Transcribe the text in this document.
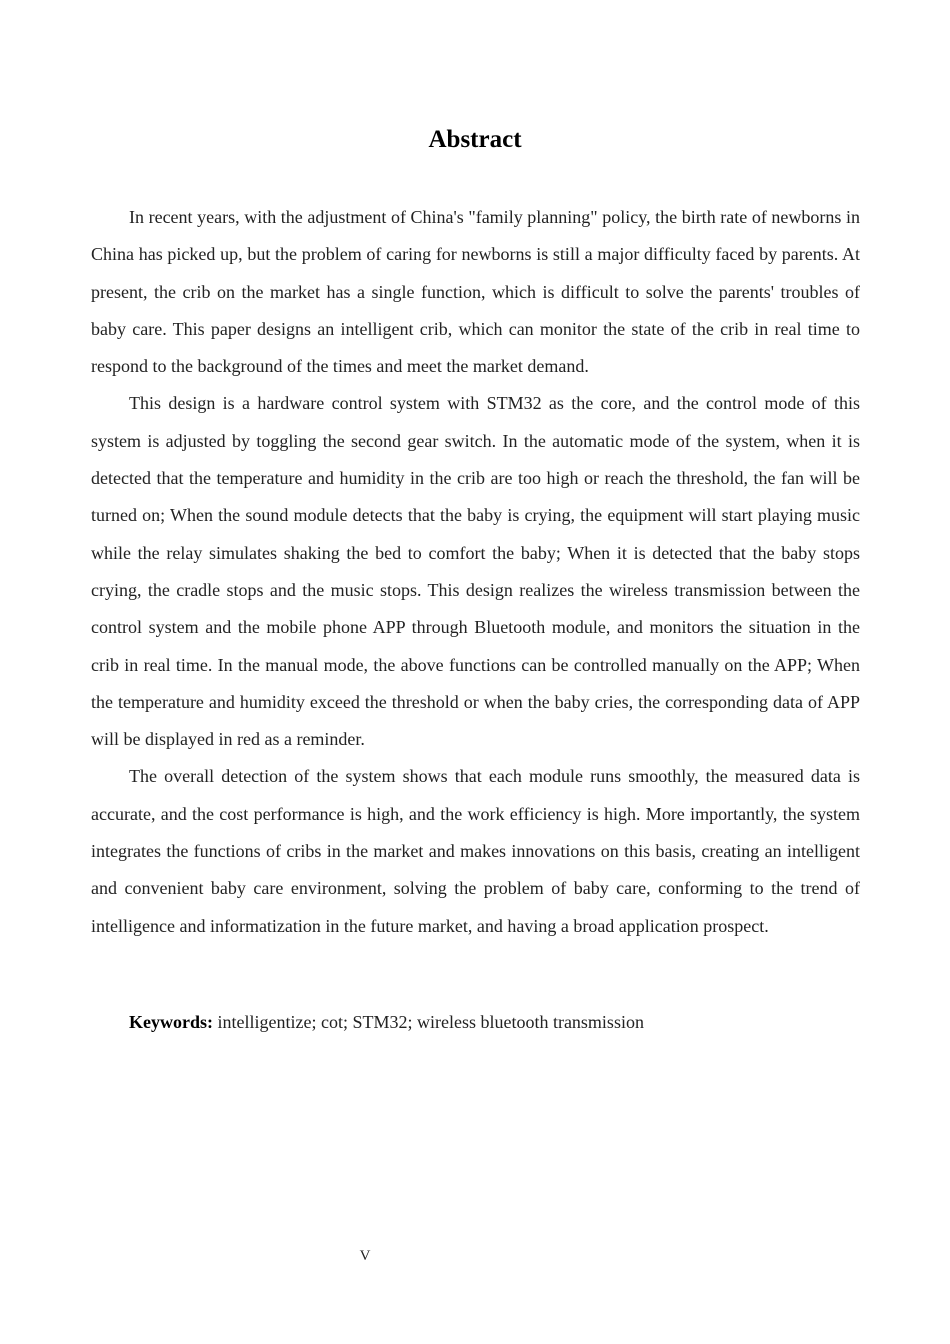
Abstract

In recent years, with the adjustment of China's "family planning" policy, the birth rate of newborns in China has picked up, but the problem of caring for newborns is still a major difficulty faced by parents. At present, the crib on the market has a single function, which is difficult to solve the parents' troubles of baby care. This paper designs an intelligent crib, which can monitor the state of the crib in real time to respond to the background of the times and meet the market demand.

This design is a hardware control system with STM32 as the core, and the control mode of this system is adjusted by toggling the second gear switch. In the automatic mode of the system, when it is detected that the temperature and humidity in the crib are too high or reach the threshold, the fan will be turned on; When the sound module detects that the baby is crying, the equipment will start playing music while the relay simulates shaking the bed to comfort the baby; When it is detected that the baby stops crying, the cradle stops and the music stops. This design realizes the wireless transmission between the control system and the mobile phone APP through Bluetooth module, and monitors the situation in the crib in real time. In the manual mode, the above functions can be controlled manually on the APP; When the temperature and humidity exceed the threshold or when the baby cries, the corresponding data of APP will be displayed in red as a reminder.

The overall detection of the system shows that each module runs smoothly, the measured data is accurate, and the cost performance is high, and the work efficiency is high. More importantly, the system integrates the functions of cribs in the market and makes innovations on this basis, creating an intelligent and convenient baby care environment, solving the problem of baby care, conforming to the trend of intelligence and informatization in the future market, and having a broad application prospect.

Keywords: intelligentize; cot; STM32; wireless bluetooth transmission

V
